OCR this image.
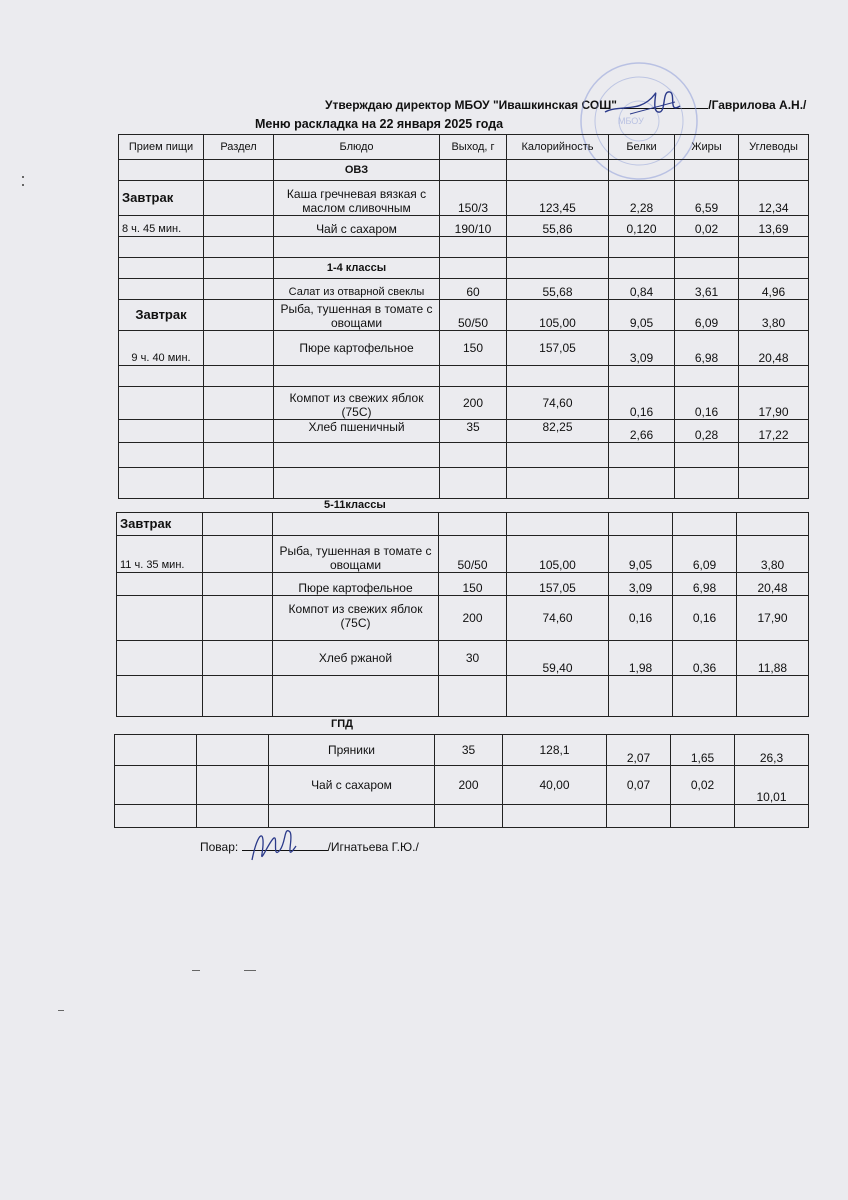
Утверждаю директор МБОУ "Ивашкинская СОШ"	/Гаврилова А.Н./
МБОУ
Меню раскладка на 22 января 2025 года
Прием пищи	Раздел	Блюдо	Выход, г	Калорийность	Белки	Жиры	Углеводы
		ОВЗ					
Завтрак		Каша гречневая вязкая с маслом сливочным	150/3	123,45	2,28	6,59	12,34
8 ч. 45 мин.		Чай с сахаром	190/10	55,86	0,120	0,02	13,69

		1-4 классы					
		Салат из отварной свеклы	60	55,68	0,84	3,61	4,96
Завтрак		Рыба, тушенная в томате с овощами	50/50	105,00	9,05	6,09	3,80
9 ч. 40 мин.		Пюре картофельное	150	157,05	3,09	6,98	20,48

		Компот из свежих яблок (75С)	200	74,60	0,16	0,16	17,90
		Хлеб пшеничный	35	82,25	2,66	0,28	17,22

5-11классы
Завтрак							
11 ч. 35 мин.		Рыба, тушенная в томате с овощами	50/50	105,00	9,05	6,09	3,80
		Пюре картофельное	150	157,05	3,09	6,98	20,48
		Компот из свежих яблок (75С)	200	74,60	0,16	0,16	17,90
		Хлеб ржаной	30	59,40	1,98	0,36	11,88

ГПД
		Пряники	35	128,1	2,07	1,65	26,3
		Чай с сахаром	200	40,00	0,07	0,02	10,01

Повар:	/Игнатьева Г.Ю./
